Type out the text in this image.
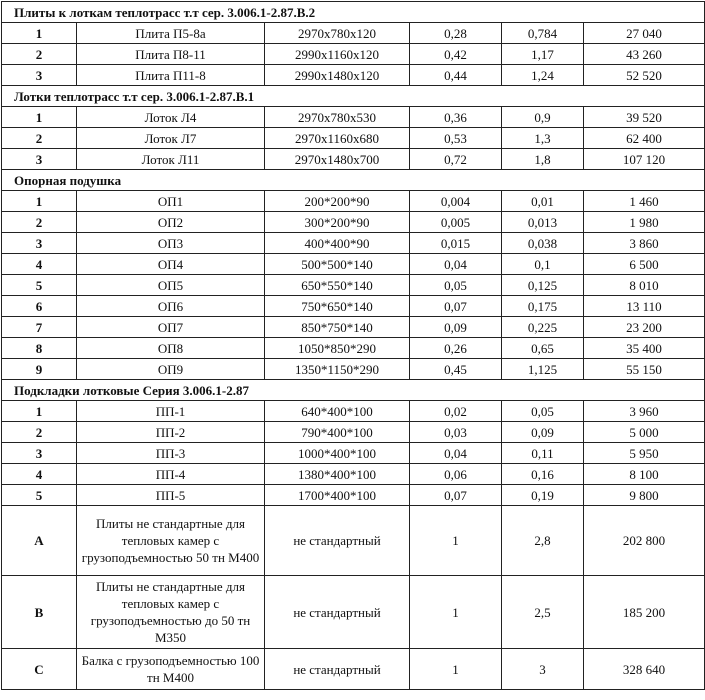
Плиты к лоткам теплотрасс т.т сер. 3.006.1-2.87.В.2					
1	Плита П5-8а	2970х780х120	0,28	0,784	27 040
2	Плита П8-11	2990х1160х120	0,42	1,17	43 260
3	Плита П11-8	2990х1480х120	0,44	1,24	52 520
Лотки теплотрасс т.т сер. 3.006.1-2.87.В.1					
1	Лоток Л4	2970х780х530	0,36	0,9	39 520
2	Лоток Л7	2970х1160х680	0,53	1,3	62 400
3	Лоток Л11	2970х1480х700	0,72	1,8	107 120
Опорная подушка					
1	ОП1	200*200*90	0,004	0,01	1 460
2	ОП2	300*200*90	0,005	0,013	1 980
3	ОП3	400*400*90	0,015	0,038	3 860
4	ОП4	500*500*140	0,04	0,1	6 500
5	ОП5	650*550*140	0,05	0,125	8 010
6	ОП6	750*650*140	0,07	0,175	13 110
7	ОП7	850*750*140	0,09	0,225	23 200
8	ОП8	1050*850*290	0,26	0,65	35 400
9	ОП9	1350*1150*290	0,45	1,125	55 150
Подкладки лотковые Серия 3.006.1-2.87					
1	ПП-1	640*400*100	0,02	0,05	3 960
2	ПП-2	790*400*100	0,03	0,09	5 000
3	ПП-3	1000*400*100	0,04	0,11	5 950
4	ПП-4	1380*400*100	0,06	0,16	8 100
5	ПП-5	1700*400*100	0,07	0,19	9 800
A	Плиты не стандартные для тепловых камер с грузоподъемностью 50 тн М400	не стандартный	1	2,8	202 800
B	Плиты не стандартные для тепловых камер с грузоподъемностью до 50 тн М350	не стандартный	1	2,5	185 200
C	Балка с грузоподъемностью 100 тн М400	не стандартный	1	3	328 640
